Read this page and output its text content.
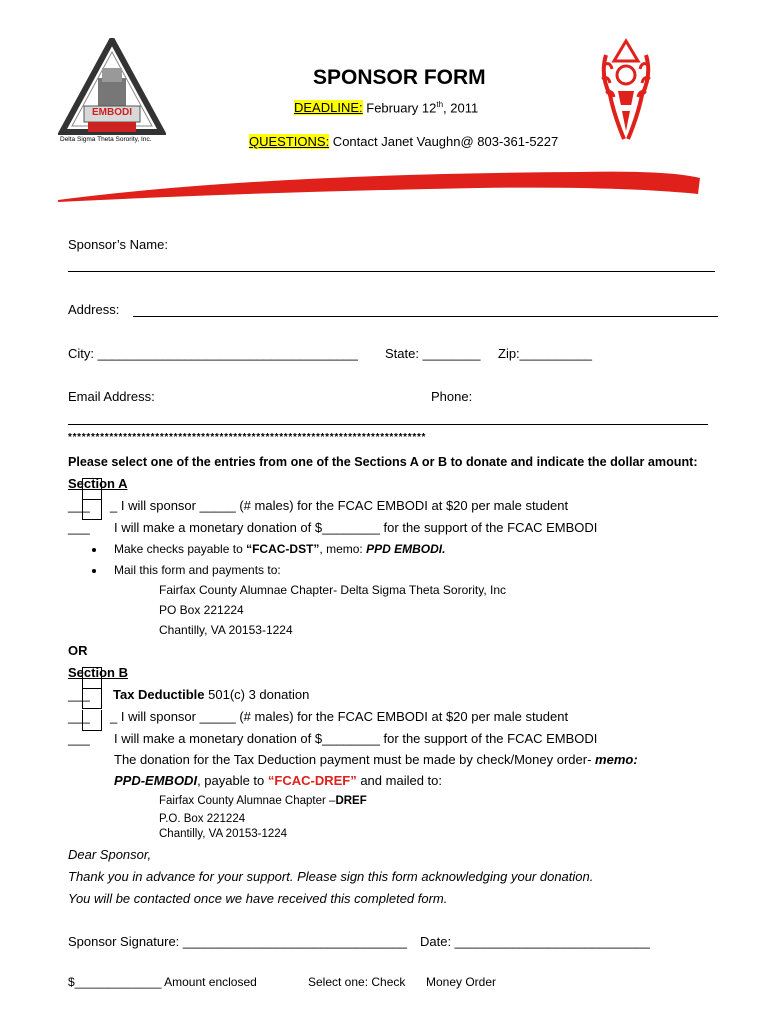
EMBODI
Delta Sigma Theta Sorority, Inc.
SPONSOR FORM
DEADLINE: February 12th, 2011
QUESTIONS: Contact Janet Vaughn@ 803-361-5227
Sponsor’s Name:
Address:
City: ____________________________________ State: ________ Zip:__________
Email Address:	Phone:
******************************************************************************
Please select one of the entries from one of the Sections A or B to donate and indicate the dollar amount:
Section A
___ _ I will sponsor _____ (# males) for the FCAC EMBODI at $20 per male student
___ I will make a monetary donation of $________ for the support of the FCAC EMBODI
Make checks payable to “FCAC-DST”, memo: PPD EMBODI.
Mail this form and payments to:
Fairfax County Alumnae Chapter- Delta Sigma Theta Sorority, Inc
PO Box 221224
Chantilly, VA 20153-1224
OR
Section B
___ Tax Deductible 501(c) 3 donation
___ _ I will sponsor _____ (# males) for the FCAC EMBODI at $20 per male student
___ I will make a monetary donation of $________ for the support of the FCAC EMBODI
The donation for the Tax Deduction payment must be made by check/Money order- memo:
PPD-EMBODI, payable to “FCAC-DREF” and mailed to:
Fairfax County Alumnae Chapter –DREF
P.O. Box 221224
Chantilly, VA 20153-1224
Dear Sponsor,
Thank you in advance for your support. Please sign this form acknowledging your donation.
You will be contacted once we have received this completed form.
Sponsor Signature: _______________________________ Date: ___________________________
$_____________ Amount enclosed	Select one: Check Money Order
